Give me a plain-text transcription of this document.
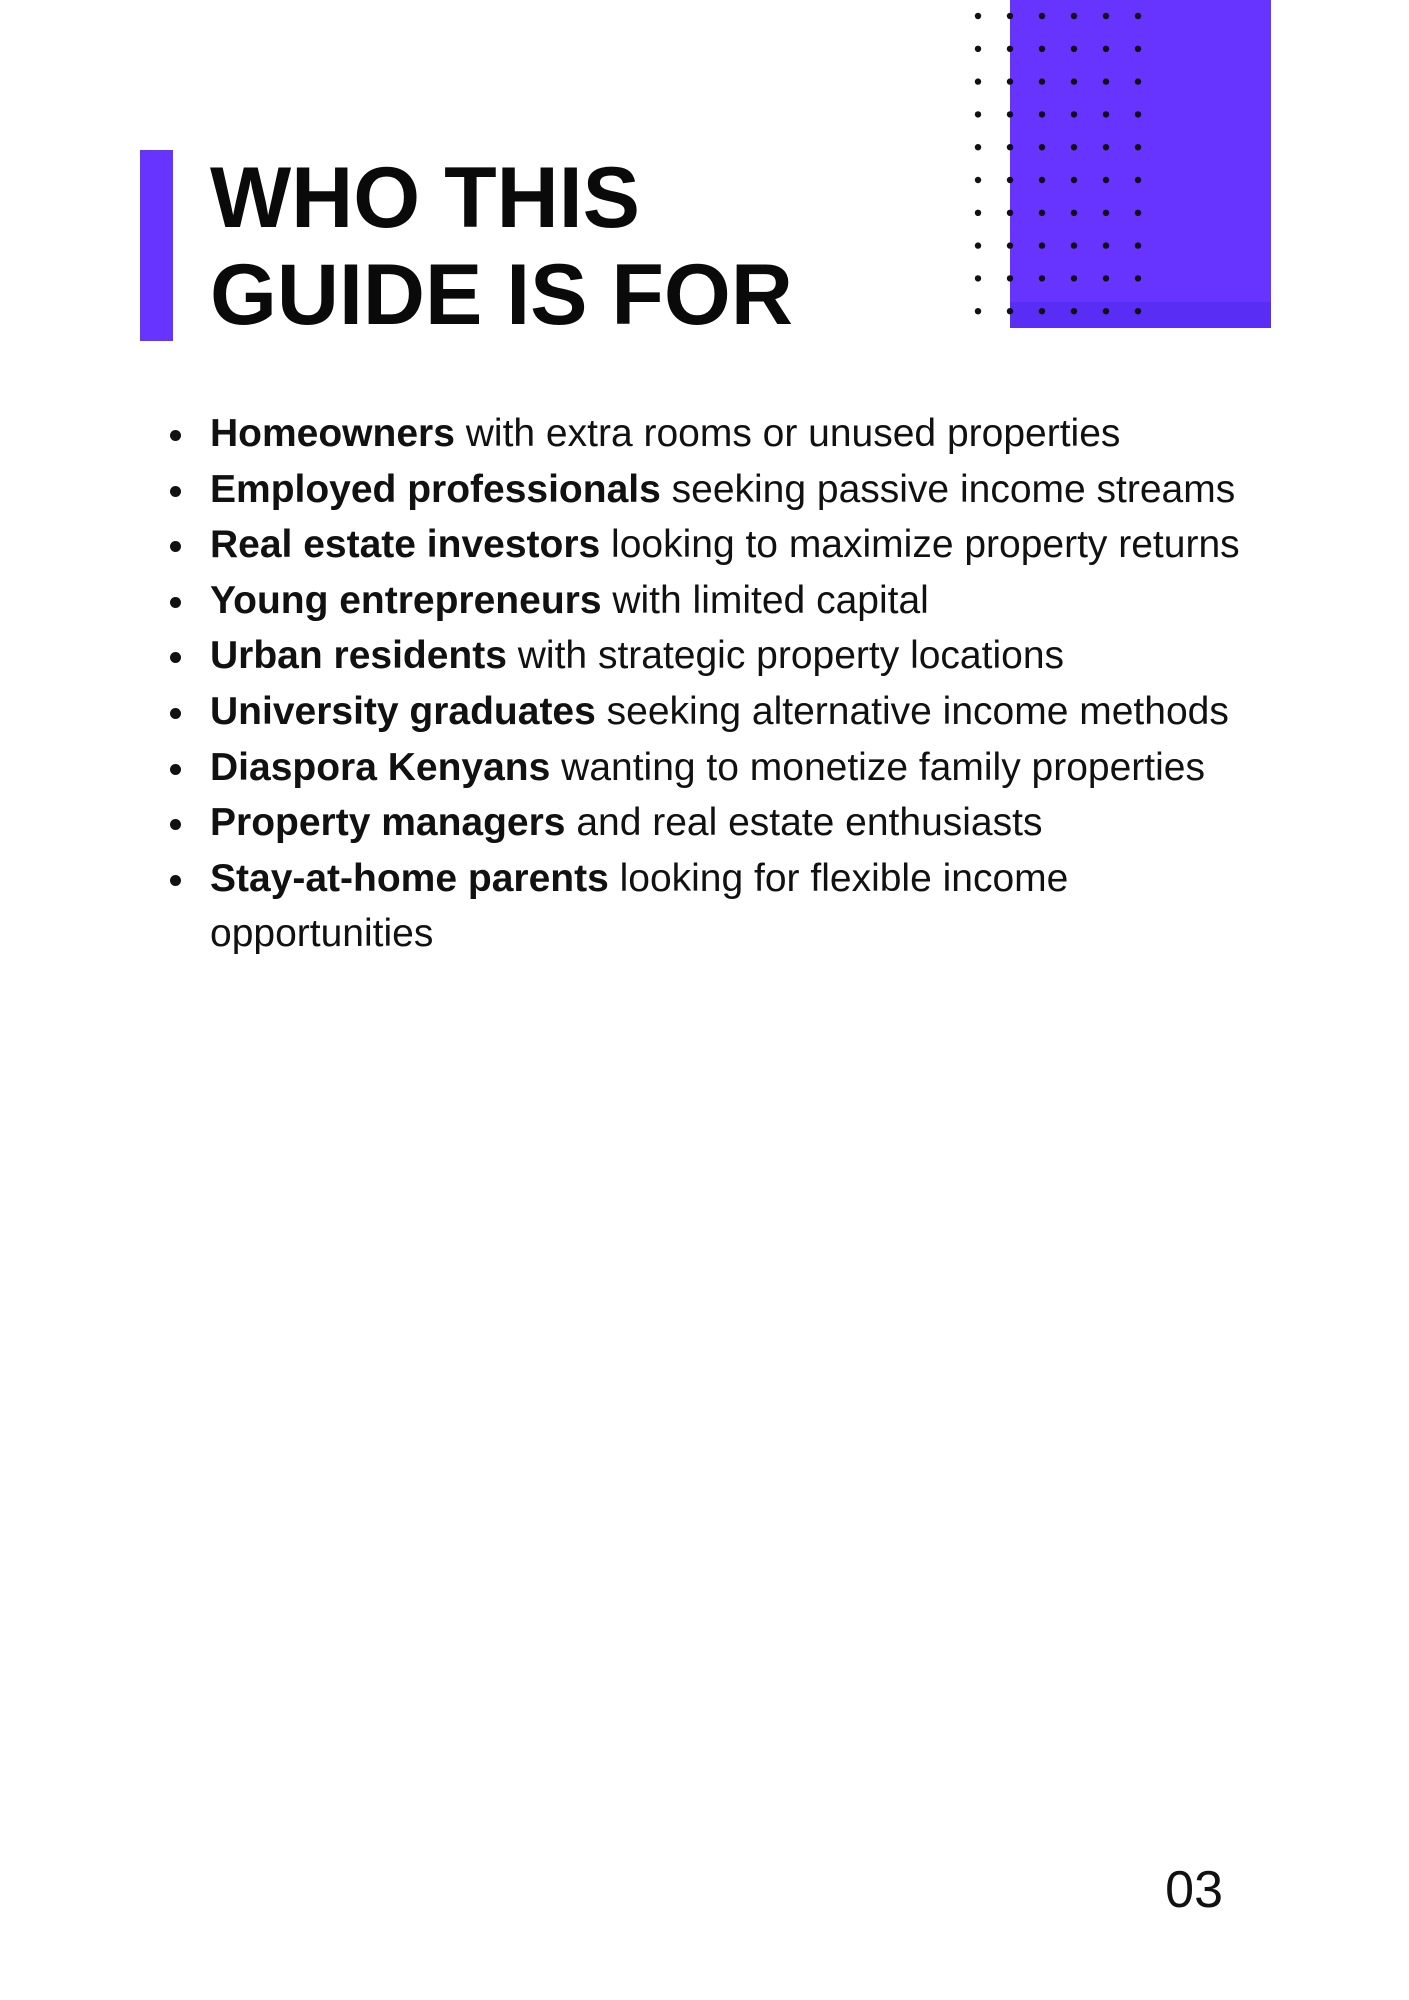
WHO THIS
GUIDE IS FOR
Homeowners with extra rooms or unused properties
Employed professionals seeking passive income streams
Real estate investors looking to maximize property returns
Young entrepreneurs with limited capital
Urban residents with strategic property locations
University graduates seeking alternative income methods
Diaspora Kenyans wanting to monetize family properties
Property managers and real estate enthusiasts
Stay-at-home parents looking for flexible income opportunities
03
